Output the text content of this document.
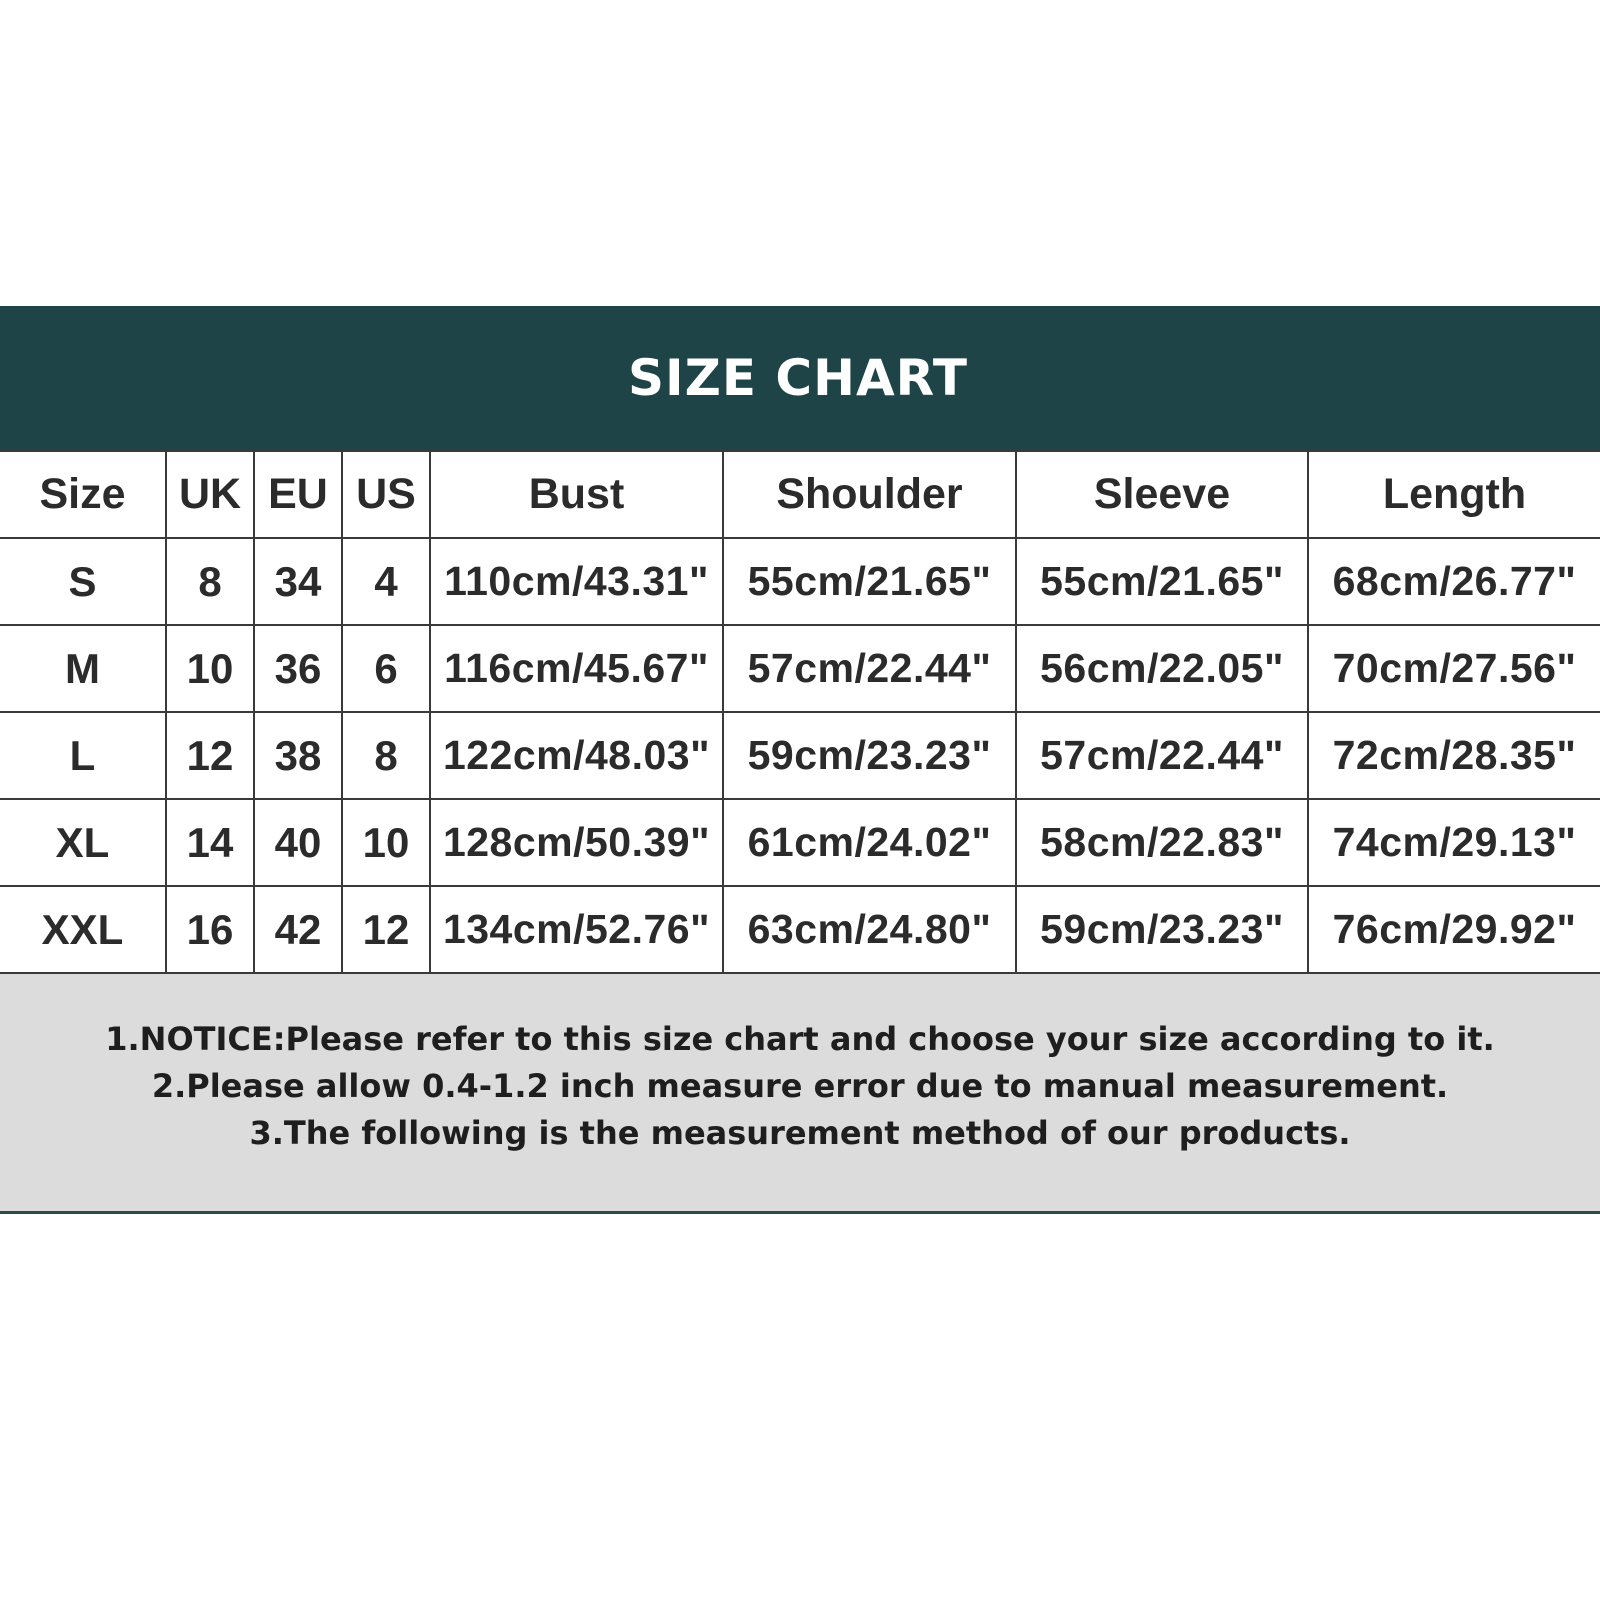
SIZE CHART
Size	UK	EU	US	Bust	Shoulder	Sleeve	Length
S	8	34	4	110cm/43.31"	55cm/21.65"	55cm/21.65"	68cm/26.77"
M	10	36	6	116cm/45.67"	57cm/22.44"	56cm/22.05"	70cm/27.56"
L	12	38	8	122cm/48.03"	59cm/23.23"	57cm/22.44"	72cm/28.35"
XL	14	40	10	128cm/50.39"	61cm/24.02"	58cm/22.83"	74cm/29.13"
XXL	16	42	12	134cm/52.76"	63cm/24.80"	59cm/23.23"	76cm/29.92"
1.NOTICE:Please refer to this size chart and choose your size according to it.
2.Please allow 0.4-1.2 inch measure error due to manual measurement.
3.The following is the measurement method of our products.
